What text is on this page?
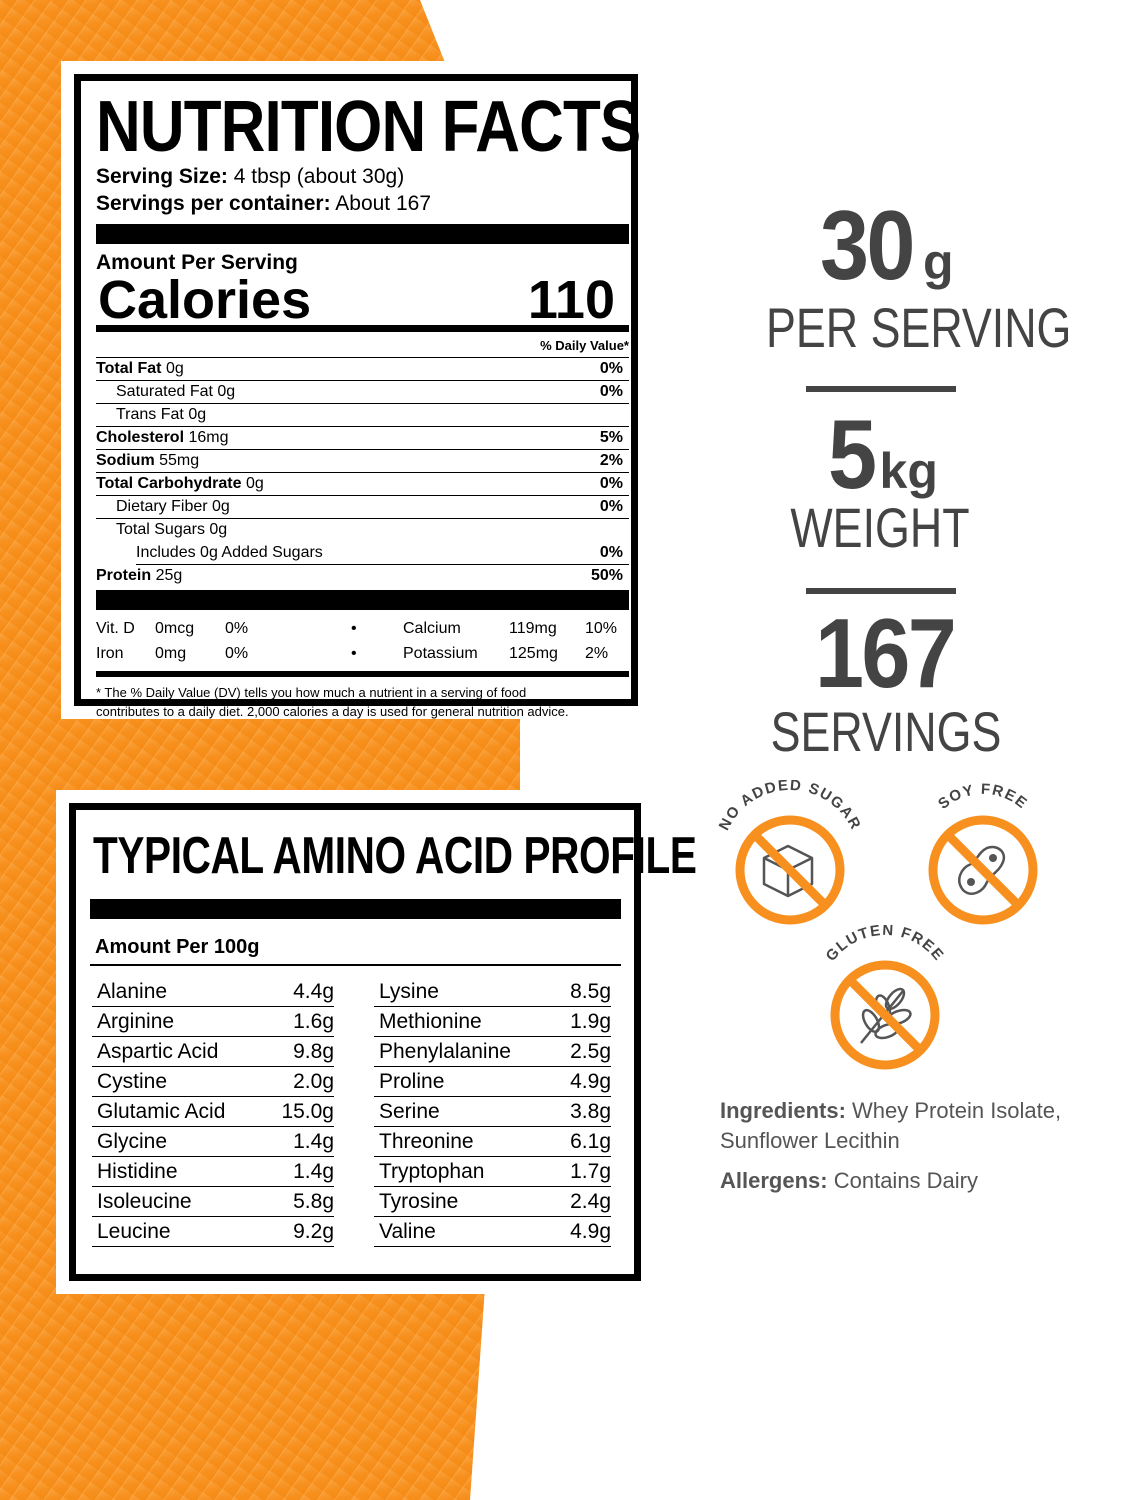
NUTRITION FACTS
Serving Size: 4 tbsp (about 30g)
Servings per container: About 167
Amount Per Serving
Calories	110
% Daily Value*
Total Fat 0g	0%
Saturated Fat 0g	0%
Trans Fat 0g
Cholesterol 16mg	5%
Sodium 55mg	2%
Total Carbohydrate 0g	0%
Dietary Fiber 0g	0%
Total Sugars 0g
Includes 0g Added Sugars	0%
Protein 25g	50%
Vit. D	0mcg	0%	•	Calcium	119mg	10%
Iron	0mg	0%	•	Potassium	125mg	2%
* The % Daily Value (DV) tells you how much a nutrient in a serving of food
contributes to a daily diet. 2,000 calories a day is used for general nutrition advice.
TYPICAL AMINO ACID PROFILE
Amount Per 100g
Alanine	4.4g
Arginine	1.6g
Aspartic Acid	9.8g
Cystine	2.0g
Glutamic Acid	15.0g
Glycine	1.4g
Histidine	1.4g
Isoleucine	5.8g
Leucine	9.2g
Lysine	8.5g
Methionine	1.9g
Phenylalanine	2.5g
Proline	4.9g
Serine	3.8g
Threonine	6.1g
Tryptophan	1.7g
Tyrosine	2.4g
Valine	4.9g
30 g
PER SERVING
5 kg
WEIGHT
167
SERVINGS
NO ADDED SUGAR
SOY FREE
GLUTEN FREE
Ingredients: Whey Protein Isolate,
Sunflower Lecithin
Allergens: Contains Dairy
